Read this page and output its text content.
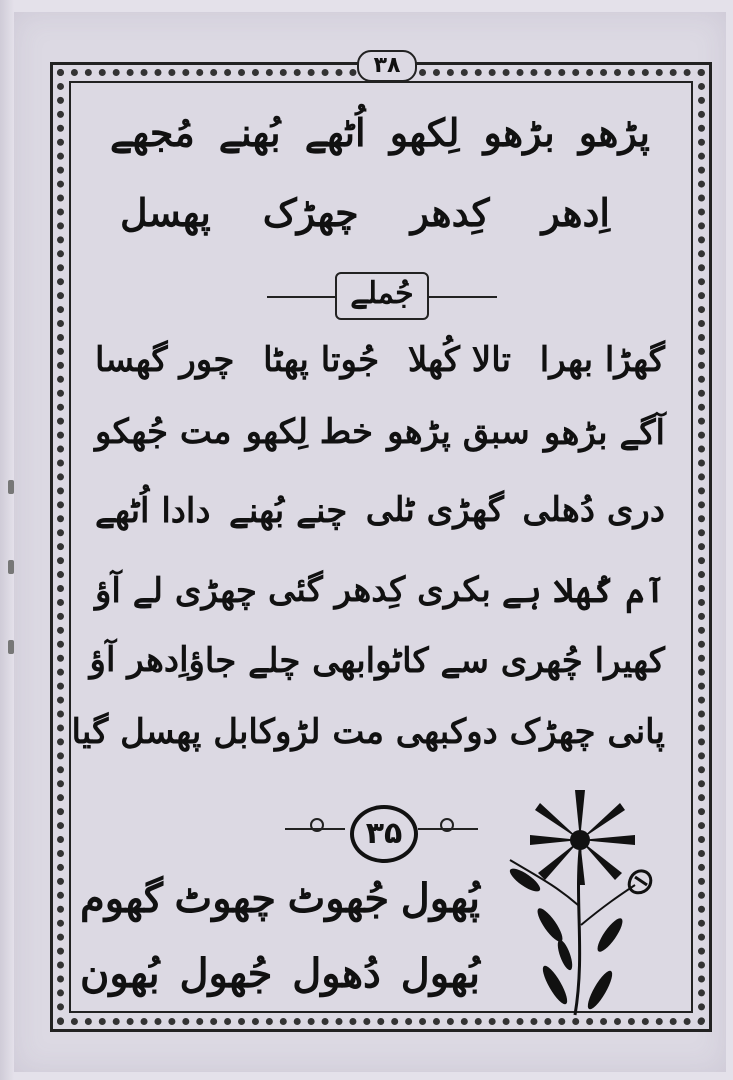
۳۸
پڑھو
بڑھو
لِکھو
اُٹھے
بُھنے
مُجھے
اِدھر
کِدھر
چھڑک
پھسل
جُملے
گھڑا بھرا
تالا کُھلا
جُوتا پھٹا
چور گھسا
آگے بڑھو
سبق پڑھو
خط لِکھو
مت جُھکو
دری دُھلی
گھڑی ٹلی
چنے بُھنے
دادا اُٹھے
آم کُھلا ہے
بکری کِدھر گئی
چھڑی لے آؤ
کھیرا چُھری سے کاٹو
ابھی چلے جاؤ
اِدھر آؤ
پانی چھڑک دو
کبھی مت لڑو
کابل پھسل گیا
۳۵
پُھول
جُھوٹ
چھوٹ
گھوم
بُھول
دُھول
جُھول
بُھون
